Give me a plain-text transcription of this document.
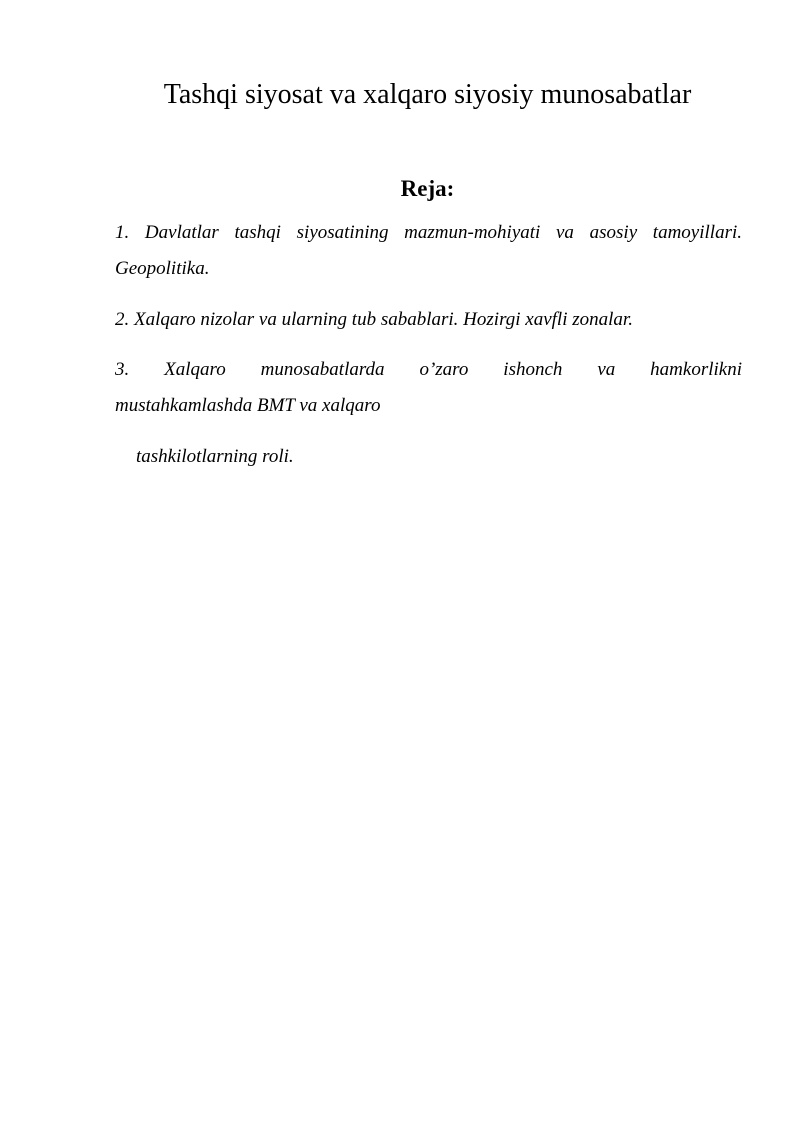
Tashqi siyosat va xalqaro siyosiy munosabatlar
Reja:

1. Davlatlar tashqi siyosatining mazmun-mohiyati va asosiy tamoyillari.
Geopolitika.

2. Xalqaro nizolar va ularning tub sabablari. Hozirgi xavfli zonalar.

3. Xalqaro munosabatlarda o’zaro ishonch va hamkorlikni
mustahkamlashda BMT va xalqaro

tashkilotlarning roli.
